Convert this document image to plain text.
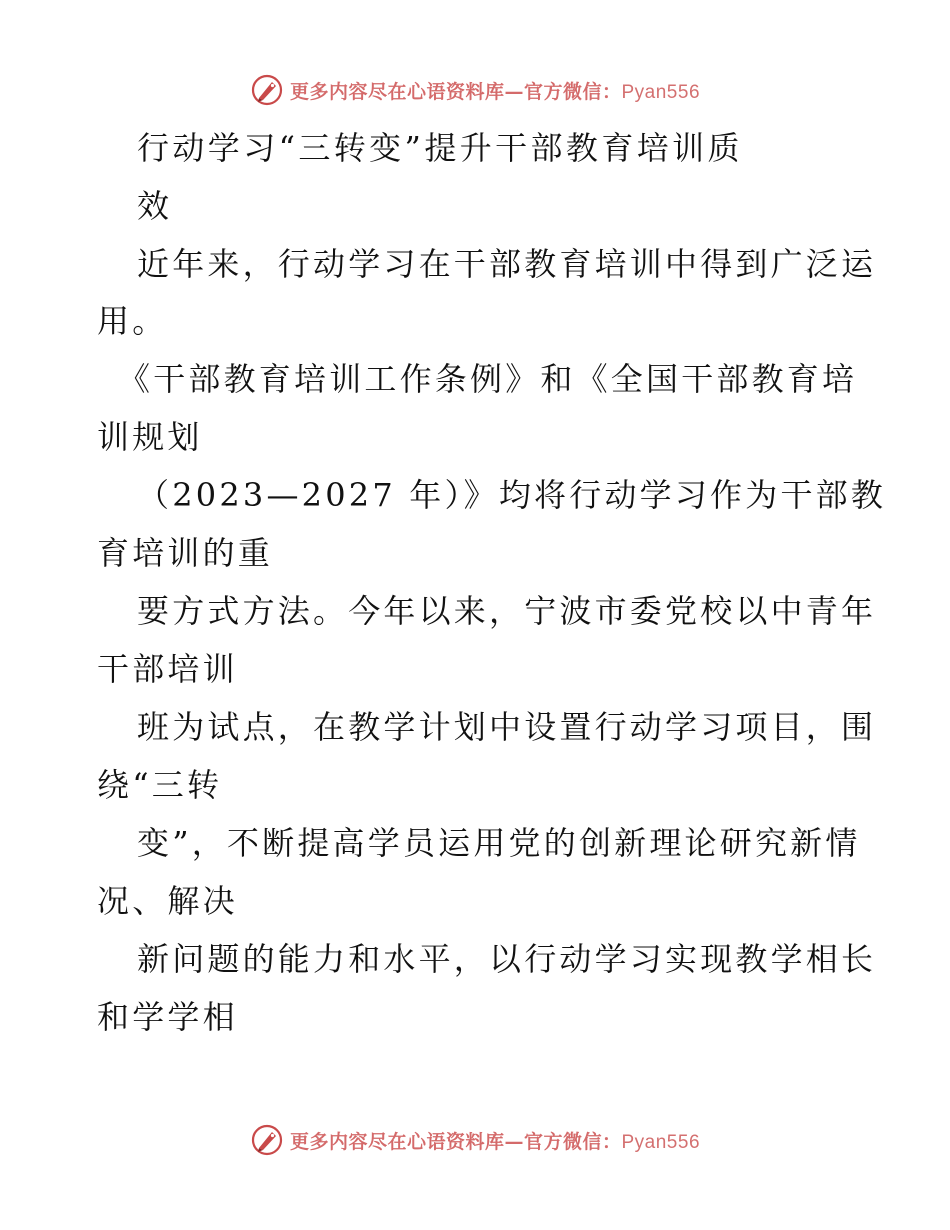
更多内容尽在心语资料库—官方微信：Pyan556
行动学习“三转变”提升干部教育培训质
效
近年来，行动学习在干部教育培训中得到广泛运
用。
《干部教育培训工作条例》和《全国干部教育培
训规划
（2023—2027 年）》均将行动学习作为干部教
育培训的重
要方式方法。今年以来，宁波市委党校以中青年
干部培训
班为试点，在教学计划中设置行动学习项目，围
绕“三转
变”，不断提高学员运用党的创新理论研究新情
况、解决
新问题的能力和水平，以行动学习实现教学相长
和学学相
更多内容尽在心语资料库—官方微信：Pyan556
